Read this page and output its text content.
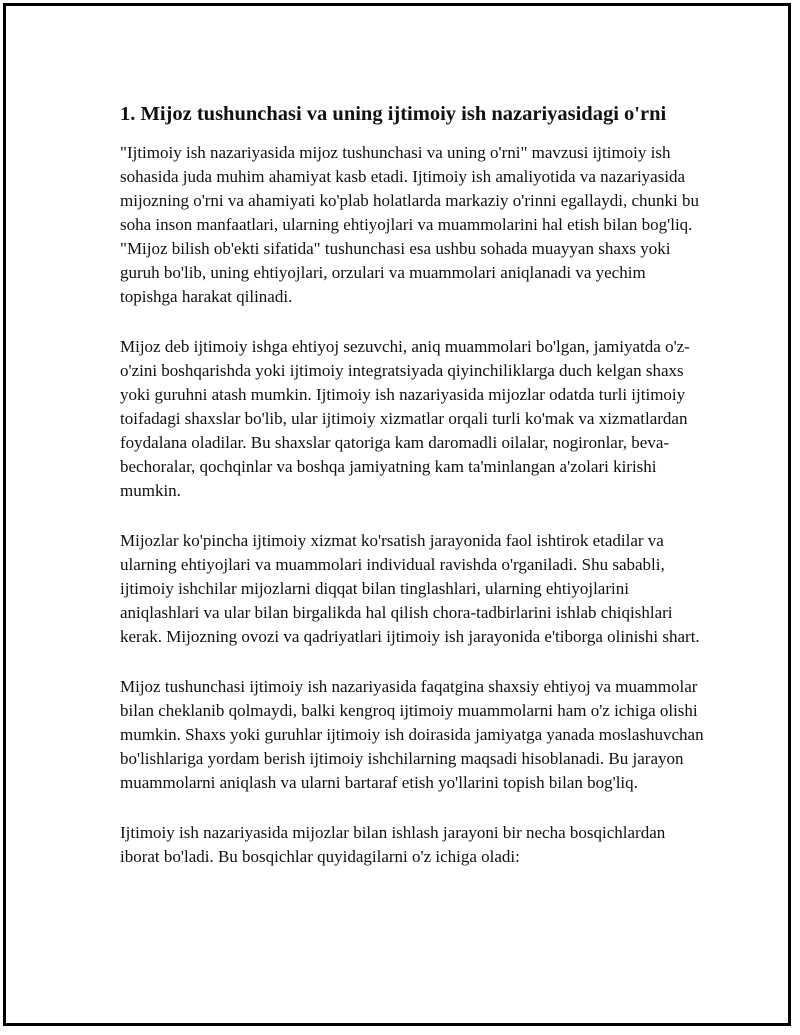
1. Mijoz tushunchasi va uning ijtimoiy ish nazariyasidagi o'rni

"Ijtimoiy ish nazariyasida mijoz tushunchasi va uning o'rni" mavzusi ijtimoiy ish sohasida juda muhim ahamiyat kasb etadi. Ijtimoiy ish amaliyotida va nazariyasida mijozning o'rni va ahamiyati ko'plab holatlarda markaziy o'rinni egallaydi, chunki bu soha inson manfaatlari, ularning ehtiyojlari va muammolarini hal etish bilan bog'liq. "Mijoz bilish ob'ekti sifatida" tushunchasi esa ushbu sohada muayyan shaxs yoki guruh bo'lib, uning ehtiyojlari, orzulari va muammolari aniqlanadi va yechim topishga harakat qilinadi.

Mijoz deb ijtimoiy ishga ehtiyoj sezuvchi, aniq muammolari bo'lgan, jamiyatda o'z-o'zini boshqarishda yoki ijtimoiy integratsiyada qiyinchiliklarga duch kelgan shaxs yoki guruhni atash mumkin. Ijtimoiy ish nazariyasida mijozlar odatda turli ijtimoiy toifadagi shaxslar bo'lib, ular ijtimoiy xizmatlar orqali turli ko'mak va xizmatlardan foydalana oladilar. Bu shaxslar qatoriga kam daromadli oilalar, nogironlar, beva-bechoralar, qochqinlar va boshqa jamiyatning kam ta'minlangan a'zolari kirishi mumkin.

Mijozlar ko'pincha ijtimoiy xizmat ko'rsatish jarayonida faol ishtirok etadilar va ularning ehtiyojlari va muammolari individual ravishda o'rganiladi. Shu sababli, ijtimoiy ishchilar mijozlarni diqqat bilan tinglashlari, ularning ehtiyojlarini aniqlashlari va ular bilan birgalikda hal qilish chora-tadbirlarini ishlab chiqishlari kerak. Mijozning ovozi va qadriyatlari ijtimoiy ish jarayonida e'tiborga olinishi shart.

Mijoz tushunchasi ijtimoiy ish nazariyasida faqatgina shaxsiy ehtiyoj va muammolar bilan cheklanib qolmaydi, balki kengroq ijtimoiy muammolarni ham o'z ichiga olishi mumkin. Shaxs yoki guruhlar ijtimoiy ish doirasida jamiyatga yanada moslashuvchan bo'lishlariga yordam berish ijtimoiy ishchilarning maqsadi hisoblanadi. Bu jarayon muammolarni aniqlash va ularni bartaraf etish yo'llarini topish bilan bog'liq.

Ijtimoiy ish nazariyasida mijozlar bilan ishlash jarayoni bir necha bosqichlardan iborat bo'ladi. Bu bosqichlar quyidagilarni o'z ichiga oladi:
